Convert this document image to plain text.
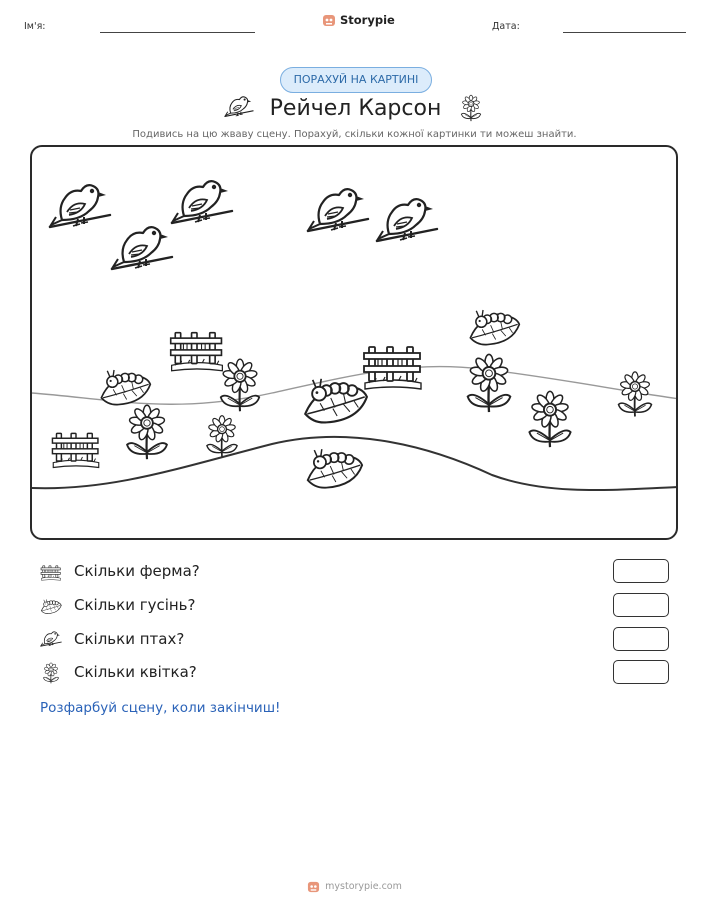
Ім'я:	Storypie	Дата:
ПОРАХУЙ НА КАРТИНІ
Рейчел Карсон
Подивись на цю жваву сцену. Порахуй, скільки кожної картинки ти можеш знайти.
Скільки ферма?
Скільки гусінь?
Скільки птах?
Скільки квітка?
Розфарбуй сцену, коли закінчиш!
mystorypie.com
